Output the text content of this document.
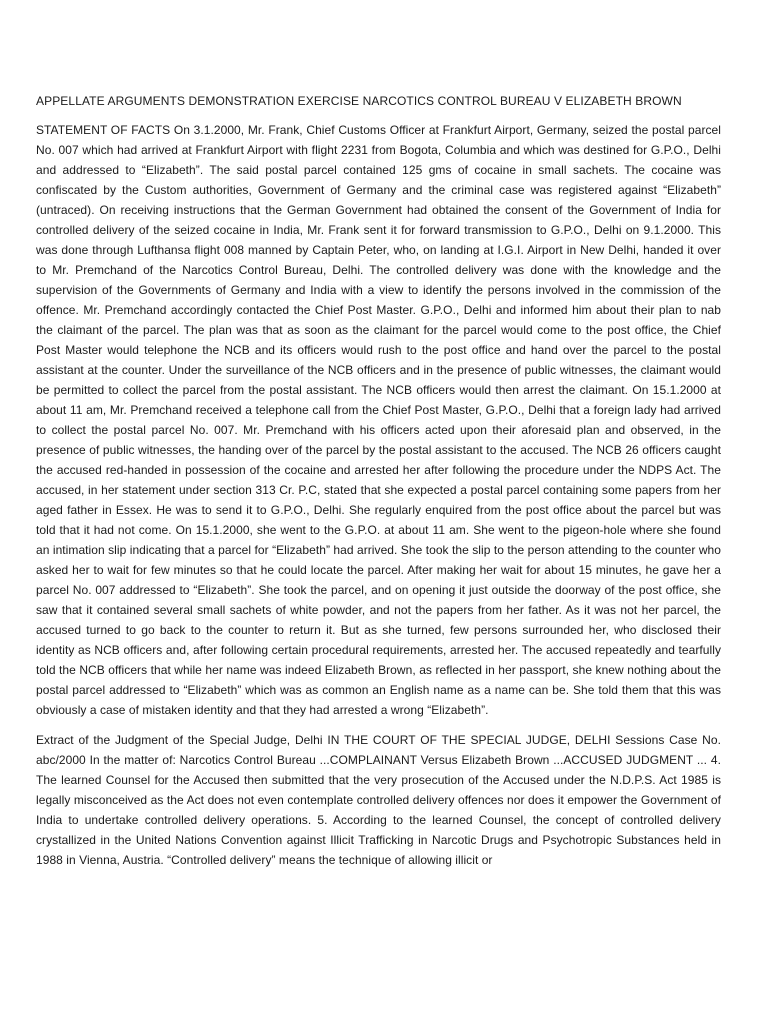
APPELLATE ARGUMENTS DEMONSTRATION EXERCISE NARCOTICS CONTROL BUREAU V ELIZABETH BROWN

STATEMENT OF FACTS On 3.1.2000, Mr. Frank, Chief Customs Officer at Frankfurt Airport, Germany, seized the postal parcel No. 007 which had arrived at Frankfurt Airport with flight 2231 from Bogota, Columbia and which was destined for G.P.O., Delhi and addressed to “Elizabeth”. The said postal parcel contained 125 gms of cocaine in small sachets. The cocaine was confiscated by the Custom authorities, Government of Germany and the criminal case was registered against “Elizabeth” (untraced). On receiving instructions that the German Government had obtained the consent of the Government of India for controlled delivery of the seized cocaine in India, Mr. Frank sent it for forward transmission to G.P.O., Delhi on 9.1.2000. This was done through Lufthansa flight 008 manned by Captain Peter, who, on landing at I.G.I. Airport in New Delhi, handed it over to Mr. Premchand of the Narcotics Control Bureau, Delhi. The controlled delivery was done with the knowledge and the supervision of the Governments of Germany and India with a view to identify the persons involved in the commission of the offence. Mr. Premchand accordingly contacted the Chief Post Master. G.P.O., Delhi and informed him about their plan to nab the claimant of the parcel. The plan was that as soon as the claimant for the parcel would come to the post office, the Chief Post Master would telephone the NCB and its officers would rush to the post office and hand over the parcel to the postal assistant at the counter. Under the surveillance of the NCB officers and in the presence of public witnesses, the claimant would be permitted to collect the parcel from the postal assistant. The NCB officers would then arrest the claimant. On 15.1.2000 at about 11 am, Mr. Premchand received a telephone call from the Chief Post Master, G.P.O., Delhi that a foreign lady had arrived to collect the postal parcel No. 007. Mr. Premchand with his officers acted upon their aforesaid plan and observed, in the presence of public witnesses, the handing over of the parcel by the postal assistant to the accused. The NCB 26 officers caught the accused red-handed in possession of the cocaine and arrested her after following the procedure under the NDPS Act. The accused, in her statement under section 313 Cr. P.C, stated that she expected a postal parcel containing some papers from her aged father in Essex. He was to send it to G.P.O., Delhi. She regularly enquired from the post office about the parcel but was told that it had not come. On 15.1.2000, she went to the G.P.O. at about 11 am. She went to the pigeon-hole where she found an intimation slip indicating that a parcel for “Elizabeth” had arrived. She took the slip to the person attending to the counter who asked her to wait for few minutes so that he could locate the parcel. After making her wait for about 15 minutes, he gave her a parcel No. 007 addressed to “Elizabeth”. She took the parcel, and on opening it just outside the doorway of the post office, she saw that it contained several small sachets of white powder, and not the papers from her father. As it was not her parcel, the accused turned to go back to the counter to return it. But as she turned, few persons surrounded her, who disclosed their identity as NCB officers and, after following certain procedural requirements, arrested her. The accused repeatedly and tearfully told the NCB officers that while her name was indeed Elizabeth Brown, as reflected in her passport, she knew nothing about the postal parcel addressed to “Elizabeth” which was as common an English name as a name can be. She told them that this was obviously a case of mistaken identity and that they had arrested a wrong “Elizabeth”.

Extract of the Judgment of the Special Judge, Delhi IN THE COURT OF THE SPECIAL JUDGE, DELHI Sessions Case No. abc/2000 In the matter of: Narcotics Control Bureau ...COMPLAINANT Versus Elizabeth Brown ...ACCUSED JUDGMENT ... 4. The learned Counsel for the Accused then submitted that the very prosecution of the Accused under the N.D.P.S. Act 1985 is legally misconceived as the Act does not even contemplate controlled delivery offences nor does it empower the Government of India to undertake controlled delivery operations. 5. According to the learned Counsel, the concept of controlled delivery crystallized in the United Nations Convention against Illicit Trafficking in Narcotic Drugs and Psychotropic Substances held in 1988 in Vienna, Austria. “Controlled delivery” means the technique of allowing illicit or
